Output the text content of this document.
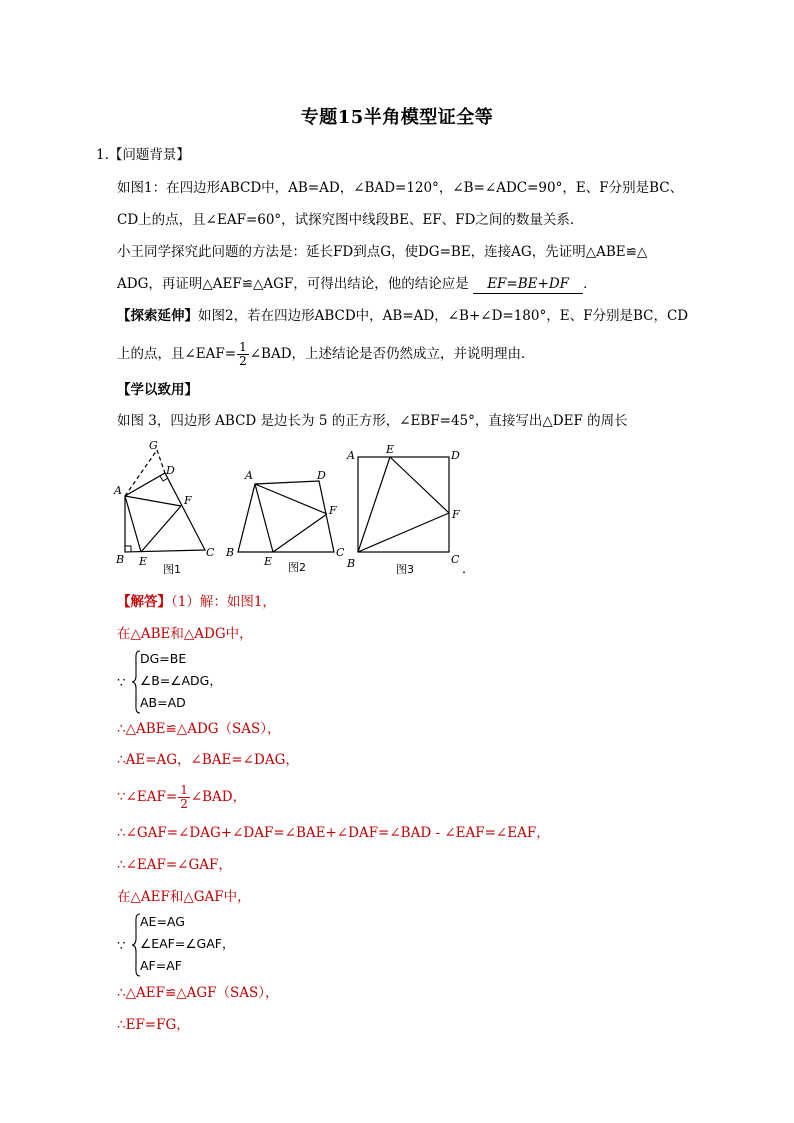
专题15半角模型证全等
1.【问题背景】
如图1：在四边形ABCD中，AB=AD，∠BAD=120°，∠B=∠ADC=90°，E、F分别是BC、
CD上的点，且∠EAF=60°，试探究图中线段BE、EF、FD之间的数量关系．
小王同学探究此问题的方法是：延长FD到点G，使DG=BE，连接AG，先证明△ABE≌△
ADG，再证明△AEF≌△AGF，可得出结论，他的结论应是 EF=BE+DF ．
【探索延伸】如图2，若在四边形ABCD中，AB=AD，∠B+∠D=180°，E、F分别是BC，CD
上的点，且∠EAF= $\frac{1}{2}$ ∠BAD，上述结论是否仍然成立，并说明理由．
【学以致用】
如图 3，四边形 ABCD 是边长为 5 的正方形，∠EBF=45°，直接写出△DEF 的周长
G
D
A
F
B E
C
图1
A	D
F
B
E
C
图2
A	E	D
F
B	C
图3	．
【解答】（1）解：如图1，
在△ABE和△ADG中，
∵
DG=BE
∠B=∠ADG，
AB=AD
∴△ABE≌△ADG（SAS），
∴AE=AG，∠BAE=∠DAG，
∵∠EAF= $\frac{1}{2}$ ∠BAD，
∴∠GAF=∠DAG+∠DAF=∠BAE+∠DAF=∠BAD - ∠EAF=∠EAF，
∴∠EAF=∠GAF，
在△AEF和△GAF中，
∵
AE=AG
∠EAF=∠GAF，
AF=AF
∴△AEF≌△AGF（SAS），
∴EF=FG，
